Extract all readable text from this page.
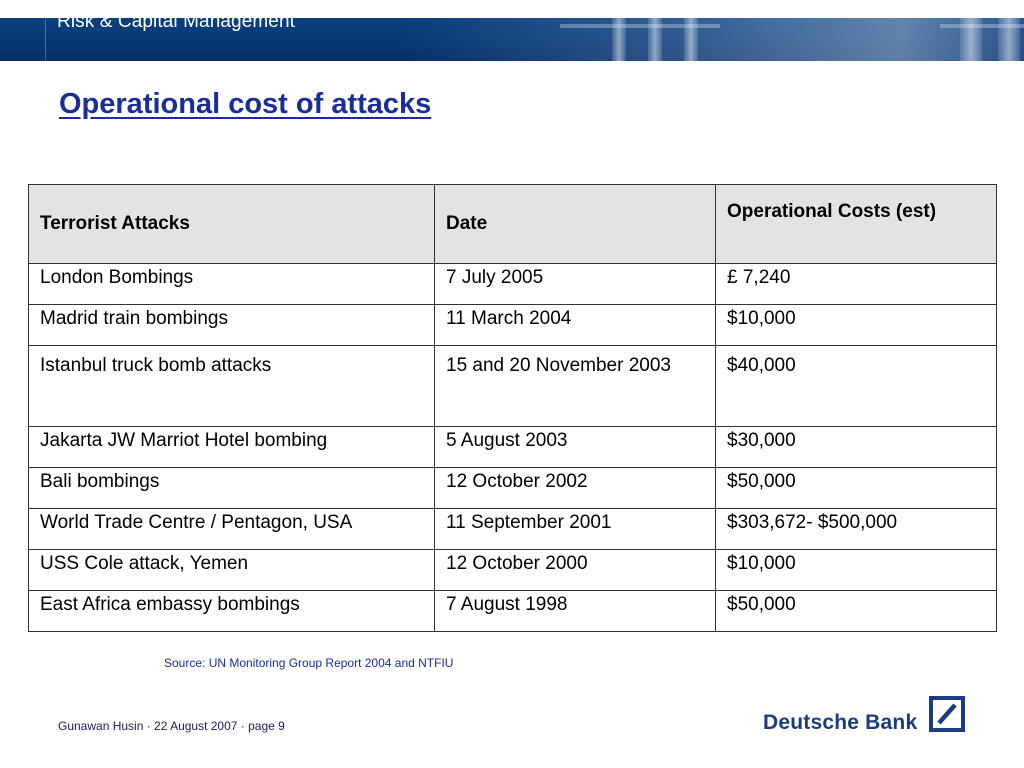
Risk & Capital Management
Operational cost of attacks
Terrorist Attacks	Date	Operational Costs (est)
London Bombings	7 July 2005	£ 7,240
Madrid train bombings	11 March 2004	$10,000
Istanbul truck bomb attacks	15 and 20 November 2003	$40,000
Jakarta JW Marriot Hotel bombing	5 August 2003	$30,000
Bali bombings	12 October 2002	$50,000
World Trade Centre / Pentagon, USA	11 September 2001	$303,672- $500,000
USS Cole attack, Yemen	12 October 2000	$10,000
East Africa embassy bombings	7 August 1998	$50,000
Source: UN Monitoring Group Report 2004 and NTFIU
Gunawan Husin · 22 August 2007 · page 9	Deutsche Bank
